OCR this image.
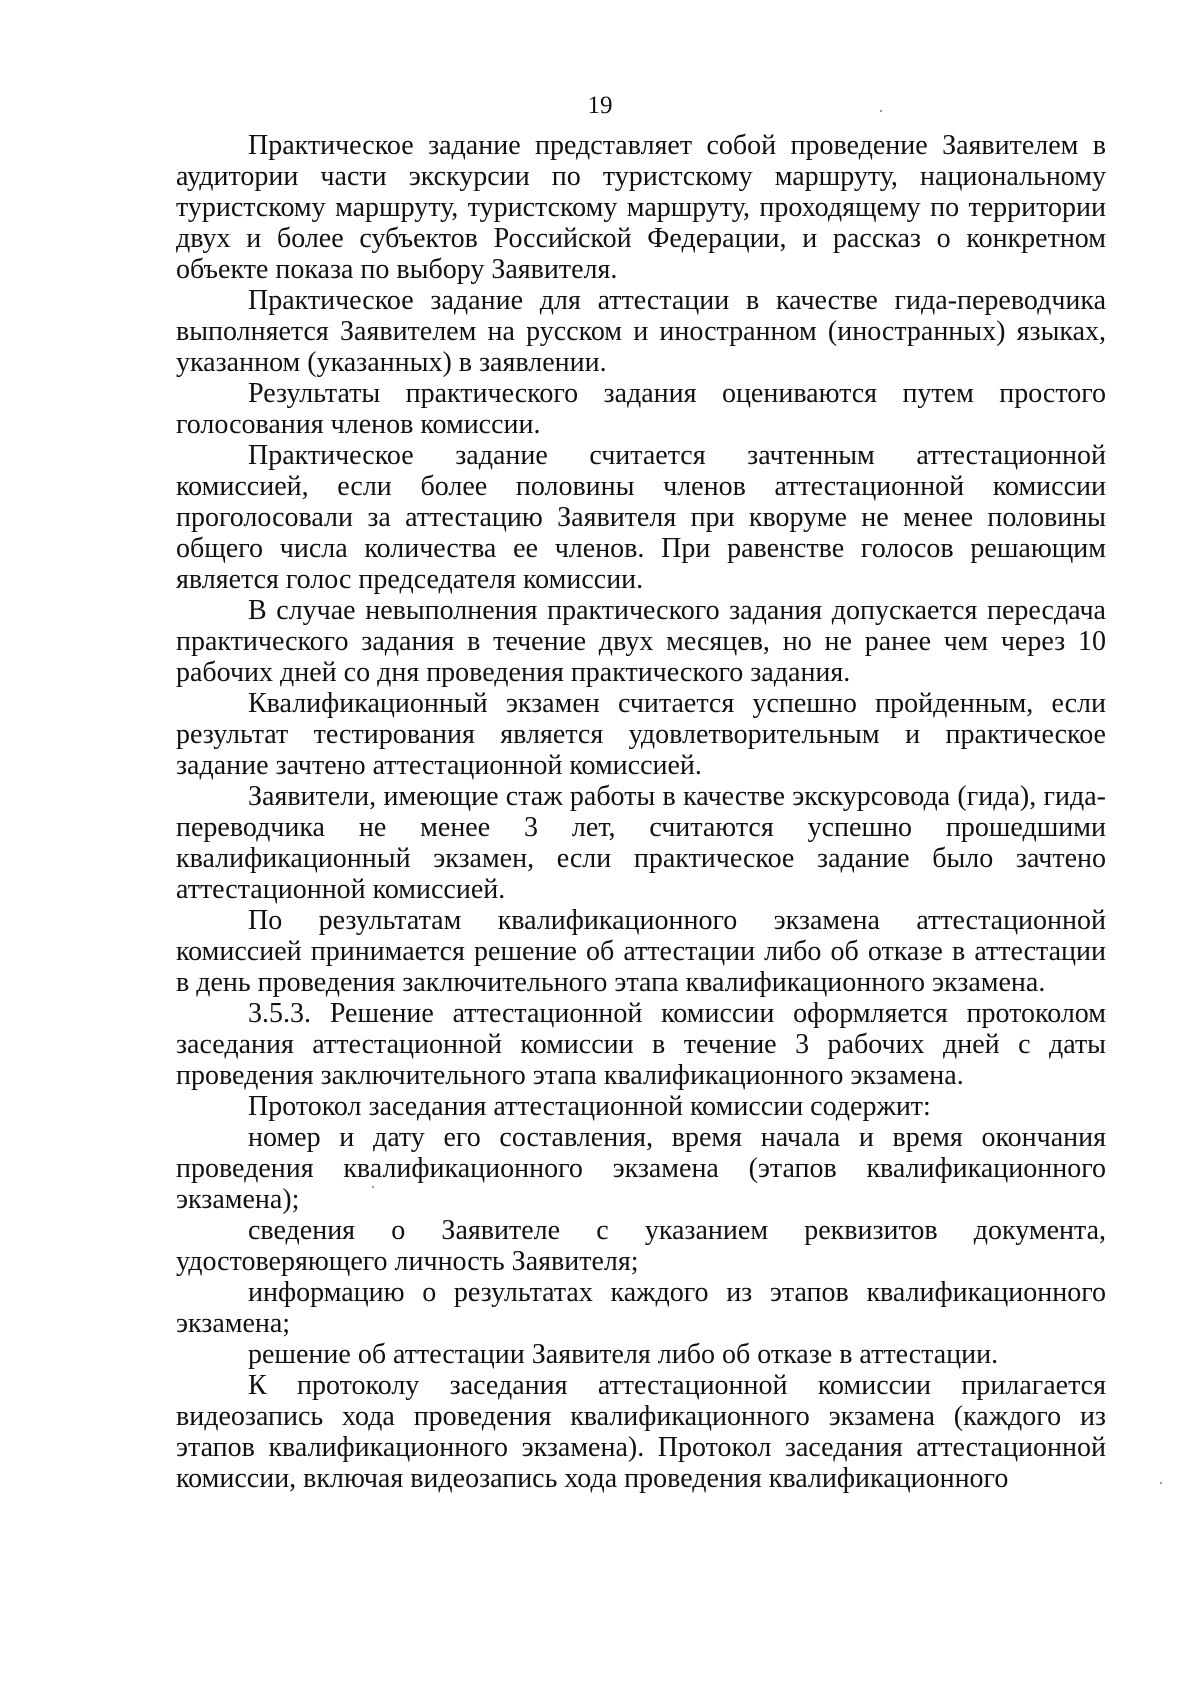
19

Практическое задание представляет собой проведение Заявителем в аудитории части экскурсии по туристскому маршруту, национальному туристскому маршруту, туристскому маршруту, проходящему по территории двух и более субъектов Российской Федерации, и рассказ о конкретном объекте показа по выбору Заявителя.

Практическое задание для аттестации в качестве гида-переводчика выполняется Заявителем на русском и иностранном (иностранных) языках, указанном (указанных) в заявлении.

Результаты практического задания оцениваются путем простого голосования членов комиссии.

Практическое задание считается зачтенным аттестационной комиссией, если более половины членов аттестационной комиссии проголосовали за аттестацию Заявителя при кворуме не менее половины общего числа количества ее членов. При равенстве голосов решающим является голос председателя комиссии.

В случае невыполнения практического задания допускается пересдача практического задания в течение двух месяцев, но не ранее чем через 10 рабочих дней со дня проведения практического задания.

Квалификационный экзамен считается успешно пройденным, если результат тестирования является удовлетворительным и практическое задание зачтено аттестационной комиссией.

Заявители, имеющие стаж работы в качестве экскурсовода (гида), гида-переводчика не менее 3 лет, считаются успешно прошедшими квалификационный экзамен, если практическое задание было зачтено аттестационной комиссией.

По результатам квалификационного экзамена аттестационной комиссией принимается решение об аттестации либо об отказе в аттестации в день проведения заключительного этапа квалификационного экзамена.

3.5.3. Решение аттестационной комиссии оформляется протоколом заседания аттестационной комиссии в течение 3 рабочих дней с даты проведения заключительного этапа квалификационного экзамена.

Протокол заседания аттестационной комиссии содержит:

номер и дату его составления, время начала и время окончания проведения квалификационного экзамена (этапов квалификационного экзамена);

сведения о Заявителе с указанием реквизитов документа, удостоверяющего личность Заявителя;

информацию о результатах каждого из этапов квалификационного экзамена;

решение об аттестации Заявителя либо об отказе в аттестации.

К протоколу заседания аттестационной комиссии прилагается видеозапись хода проведения квалификационного экзамена (каждого из этапов квалификационного экзамена). Протокол заседания аттестационной комиссии, включая видеозапись хода проведения квалификационного
